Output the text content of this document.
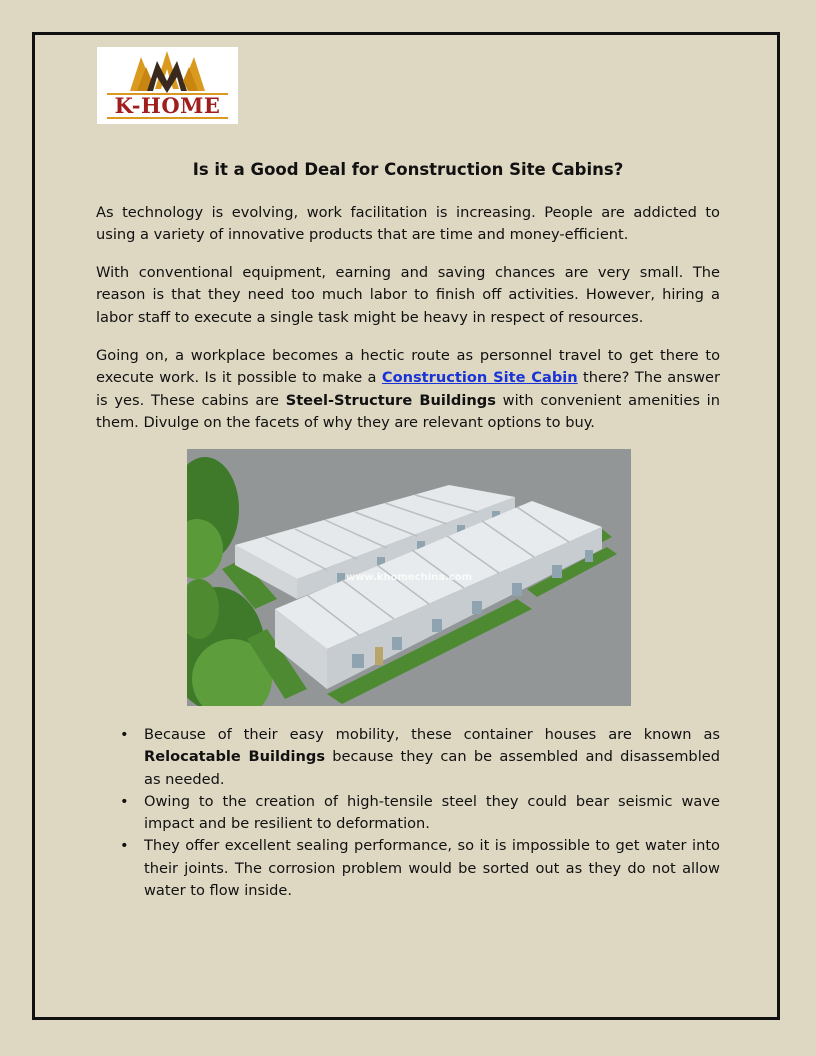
K-HOME
Is it a Good Deal for Construction Site Cabins?

As technology is evolving, work facilitation is increasing. People are addicted to using a variety of innovative products that are time and money-efficient.

With conventional equipment, earning and saving chances are very small. The reason is that they need too much labor to finish off activities. However, hiring a labor staff to execute a single task might be heavy in respect of resources.

Going on, a workplace becomes a hectic route as personnel travel to get there to execute work. Is it possible to make a Construction Site Cabin there? The answer is yes. These cabins are Steel-Structure Buildings with convenient amenities in them. Divulge on the facets of why they are relevant options to buy.

www.khomechina.com
• Because of their easy mobility, these container houses are known as Relocatable Buildings because they can be assembled and disassembled as needed.
• Owing to the creation of high-tensile steel they could bear seismic wave impact and be resilient to deformation.
• They offer excellent sealing performance, so it is impossible to get water into their joints. The corrosion problem would be sorted out as they do not allow water to flow inside.
